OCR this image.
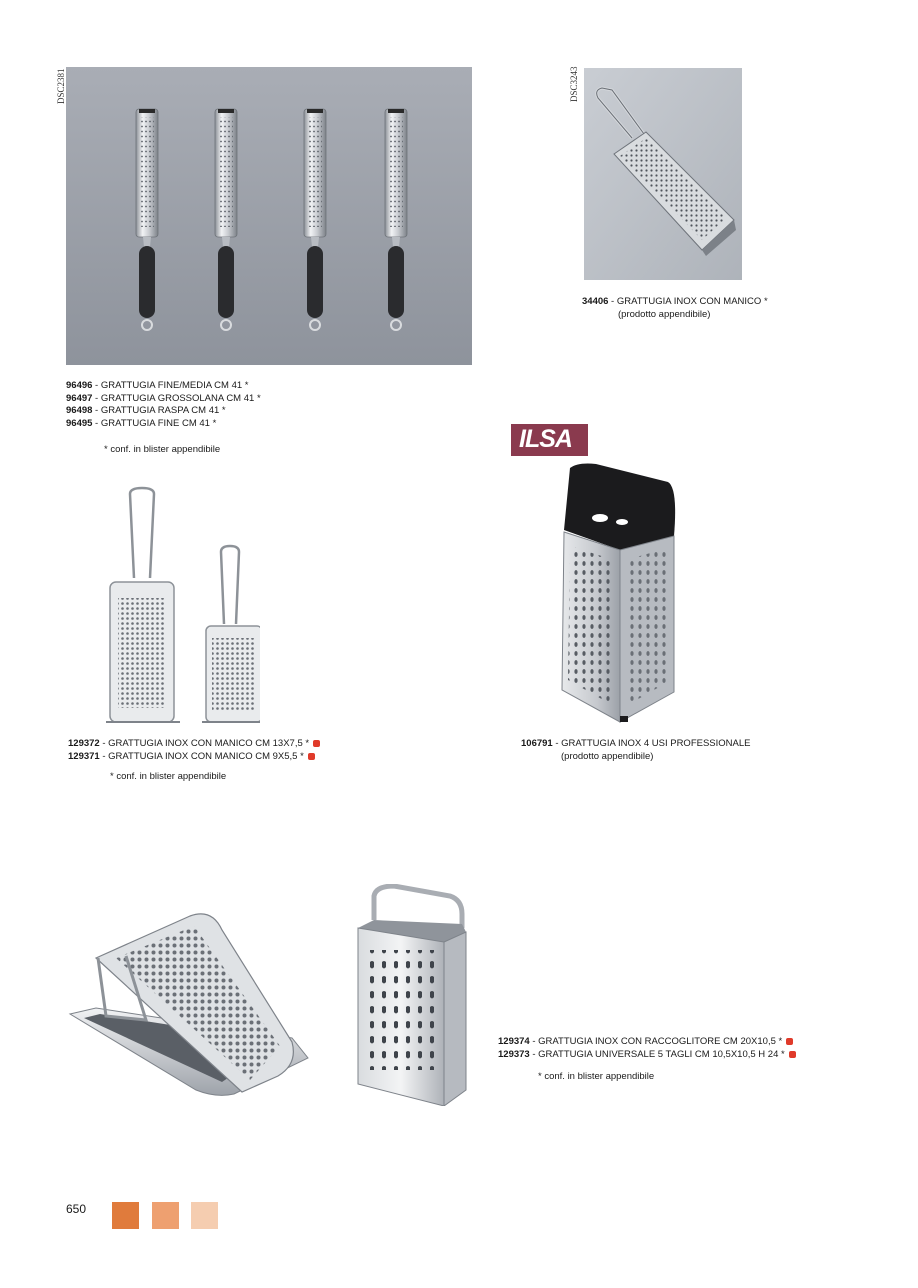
DSC2381
96496 - GRATTUGIA FINE/MEDIA CM 41 *
96497 - GRATTUGIA GROSSOLANA CM 41 *
96498 - GRATTUGIA RASPA CM 41 *
96495 - GRATTUGIA FINE CM 41 *
* conf. in blister appendibile
DSC3243
34406 - GRATTUGIA INOX CON MANICO *
(prodotto appendibile)
ILSA
129372 - GRATTUGIA INOX CON MANICO CM 13X7,5 *
129371 - GRATTUGIA INOX CON MANICO CM 9X5,5 *
* conf. in blister appendibile
106791 - GRATTUGIA INOX 4 USI PROFESSIONALE
(prodotto appendibile)
129374 - GRATTUGIA INOX CON RACCOGLITORE CM 20X10,5 *
129373 - GRATTUGIA UNIVERSALE 5 TAGLI CM 10,5X10,5 H 24 *
* conf. in blister appendibile
650
